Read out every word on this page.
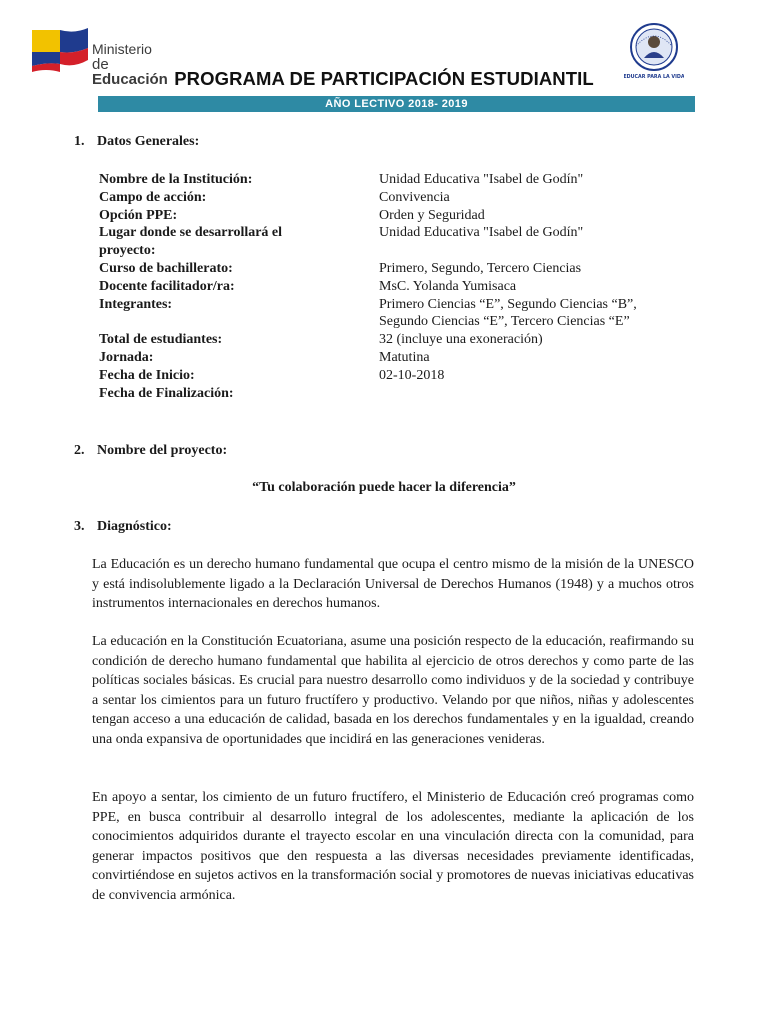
Ministerio
de Educación	"EDUCAR PARA LA VIDA"
PROGRAMA DE PARTICIPACIÓN ESTUDIANTIL
AÑO LECTIVO 2018- 2019
1. Datos Generales:
Nombre de la Institución:	Unidad Educativa "Isabel de Godín"
Campo de acción:	Convivencia
Opción PPE:	Orden y Seguridad
Lugar donde se desarrollará el proyecto:
Unidad Educativa "Isabel de Godín"
Curso de bachillerato:	Primero, Segundo, Tercero Ciencias
Docente facilitador/ra:	MsC. Yolanda Yumisaca
Integrantes:	Primero Ciencias “E”, Segundo Ciencias “B”, Segundo Ciencias “E”, Tercero Ciencias “E”
Total de estudiantes:	32 (incluye una exoneración)
Jornada:	Matutina
Fecha de Inicio:	02-10-2018
Fecha de Finalización:
2. Nombre del proyecto:
“Tu colaboración puede hacer la diferencia”
3. Diagnóstico:
La Educación es un derecho humano fundamental que ocupa el centro mismo de la misión de la UNESCO y está indisolublemente ligado a la Declaración Universal de Derechos Humanos (1948) y a muchos otros instrumentos internacionales en derechos humanos.
La educación en la Constitución Ecuatoriana, asume una posición respecto de la educación, reafirmando su condición de derecho humano fundamental que habilita al ejercicio de otros derechos y como parte de las políticas sociales básicas. Es crucial para nuestro desarrollo como individuos y de la sociedad y contribuye a sentar los cimientos para un futuro fructífero y productivo. Velando por que niños, niñas y adolescentes tengan acceso a una educación de calidad, basada en los derechos fundamentales y en la igualdad, creando una onda expansiva de oportunidades que incidirá en las generaciones venideras.
En apoyo a sentar, los cimiento de un futuro fructífero, el Ministerio de Educación creó programas como PPE, en busca contribuir al desarrollo integral de los adolescentes, mediante la aplicación de los conocimientos adquiridos durante el trayecto escolar en una vinculación directa con la comunidad, para generar impactos positivos que den respuesta a las diversas necesidades previamente identificadas, convirtiéndose en sujetos activos en la transformación social y promotores de nuevas iniciativas educativas de convivencia armónica.
